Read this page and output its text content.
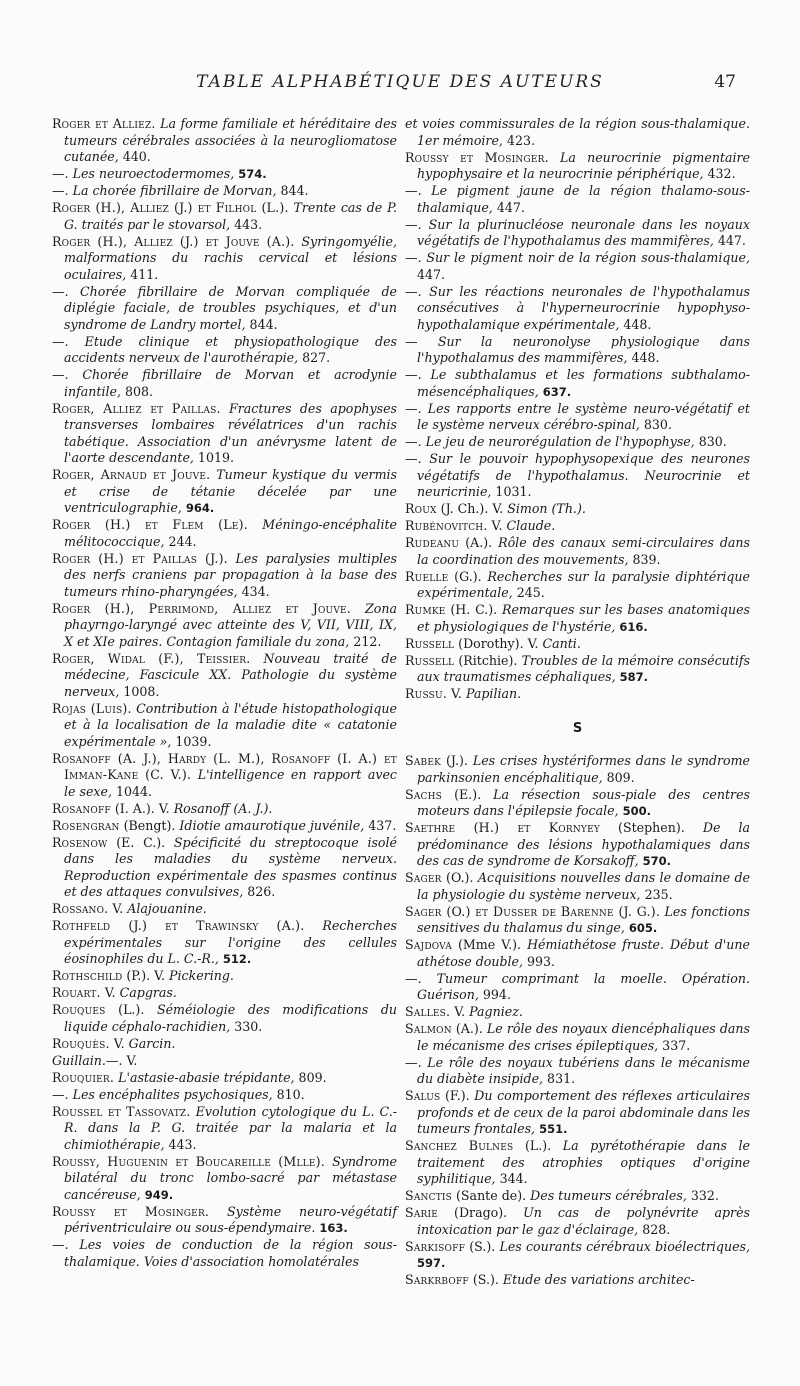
TABLE ALPHABÉTIQUE DES AUTEURS	47
Roger et Alliez. La forme familiale et héréditaire des tumeurs cérébrales associées à la neurogliomatose cutanée, 440.
—. Les neuroectodermomes, 574.
—. La chorée fibrillaire de Morvan, 844.
Roger (H.), Alliez (J.) et Filhol (L.). Trente cas de P. G. traités par le stovarsol, 443.
Roger (H.), Alliez (J.) et Jouve (A.). Syringomyélie, malformations du rachis cervical et lésions oculaires, 411.
—. Chorée fibrillaire de Morvan compliquée de diplégie faciale, de troubles psychiques, et d'un syndrome de Landry mortel, 844.
—. Etude clinique et physiopathologique des accidents nerveux de l'aurothérapie, 827.
—. Chorée fibrillaire de Morvan et acrodynie infantile, 808.
Roger, Alliez et Paillas. Fractures des apophyses transverses lombaires révélatrices d'un rachis tabétique. Association d'un anévrysme latent de l'aorte descendante, 1019.
Roger, Arnaud et Jouve. Tumeur kystique du vermis et crise de tétanie décelée par une ventriculographie, 964.
Roger (H.) et Flem (Le). Méningo-encéphalite mélitococcique, 244.
Roger (H.) et Paillas (J.). Les paralysies multiples des nerfs craniens par propagation à la base des tumeurs rhino-pharyngées, 434.
Roger (H.), Perrimond, Alliez et Jouve. Zona phayrngo-laryngé avec atteinte des V, VII, VIII, IX, X et XIe paires. Contagion familiale du zona, 212.
Roger, Widal (F.), Teissier. Nouveau traité de médecine, Fascicule XX. Pathologie du système nerveux, 1008.
Rojas (Luis). Contribution à l'étude histopathologique et à la localisation de la maladie dite « catatonie expérimentale », 1039.
Rosanoff (A. J.), Hardy (L. M.), Rosanoff (I. A.) et Imman-Kane (C. V.). L'intelligence en rapport avec le sexe, 1044.
Rosanoff (I. A.). V. Rosanoff (A. J.).
Rosengran (Bengt). Idiotie amaurotique juvénile, 437.
Rosenow (E. C.). Spécificité du streptocoque isolé dans les maladies du système nerveux. Reproduction expérimentale des spasmes continus et des attaques convulsives, 826.
Rossano. V. Alajouanine.
Rothfeld (J.) et Trawinsky (A.). Recherches expérimentales sur l'origine des cellules éosinophiles du L. C.-R., 512.
Rothschild (P.). V. Pickering.
Rouart. V. Capgras.
Rouques (L.). Séméiologie des modifications du liquide céphalo-rachidien, 330.
Rouquès. V. Garcin.
Guillain.—. V.
Rouquier. L'astasie-abasie trépidante, 809.
—. Les encéphalites psychosiques, 810.
Roussel et Tassovatz. Evolution cytologique du L. C.-R. dans la P. G. traitée par la malaria et la chimiothérapie, 443.
Roussy, Huguenin et Boucareille (Mlle). Syndrome bilatéral du tronc lombo-sacré par métastase cancéreuse, 949.
Roussy et Mosinger. Système neuro-végétatif périventriculaire ou sous-épendymaire. 163.
—. Les voies de conduction de la région sous-thalamique. Voies d'association homolatérales
et voies commissurales de la région sous-thalamique. 1er mémoire, 423.
Roussy et Mosinger. La neurocrinie pigmentaire hypophysaire et la neurocrinie périphérique, 432.
—. Le pigment jaune de la région thalamo-sous-thalamique, 447.
—. Sur la plurinucléose neuronale dans les noyaux végétatifs de l'hypothalamus des mammifères, 447.
—. Sur le pigment noir de la région sous-thalamique, 447.
—. Sur les réactions neuronales de l'hypothalamus consécutives à l'hyperneurocrinie hypophyso-hypothalamique expérimentale, 448.
— Sur la neuronolyse physiologique dans l'hypothalamus des mammifères, 448.
—. Le subthalamus et les formations subthalamo-mésencéphaliques, 637.
—. Les rapports entre le système neuro-végétatif et le système nerveux cérébro-spinal, 830.
—. Le jeu de neurorégulation de l'hypophyse, 830.
—. Sur le pouvoir hypophysopexique des neurones végétatifs de l'hypothalamus. Neurocrinie et neuricrinie, 1031.
Roux (J. Ch.). V. Simon (Th.).
Rubénovitch. V. Claude.
Rudeanu (A.). Rôle des canaux semi-circulaires dans la coordination des mouvements, 839.
Ruelle (G.). Recherches sur la paralysie diphtérique expérimentale, 245.
Rumke (H. C.). Remarques sur les bases anatomiques et physiologiques de l'hystérie, 616.
Russell (Dorothy). V. Canti.
Russell (Ritchie). Troubles de la mémoire consécutifs aux traumatismes céphaliques, 587.
Russu. V. Papilian.
S
Sabek (J.). Les crises hystériformes dans le syndrome parkinsonien encéphalitique, 809.
Sachs (E.). La résection sous-piale des centres moteurs dans l'épilepsie focale, 500.
Saethre (H.) et Kornyey (Stephen). De la prédominance des lésions hypothalamiques dans des cas de syndrome de Korsakoff, 570.
Sager (O.). Acquisitions nouvelles dans le domaine de la physiologie du système nerveux, 235.
Sager (O.) et Dusser de Barenne (J. G.). Les fonctions sensitives du thalamus du singe, 605.
Sajdova (Mme V.). Hémiathétose fruste. Début d'une athétose double, 993.
—. Tumeur comprimant la moelle. Opération. Guérison, 994.
Salles. V. Pagniez.
Salmon (A.). Le rôle des noyaux diencéphaliques dans le mécanisme des crises épileptiques, 337.
—. Le rôle des noyaux tubériens dans le mécanisme du diabète insipide, 831.
Salus (F.). Du comportement des réflexes articulaires profonds et de ceux de la paroi abdominale dans les tumeurs frontales, 551.
Sanchez Bulnes (L.). La pyrétothérapie dans le traitement des atrophies optiques d'origine syphilitique, 344.
Sanctis (Sante de). Des tumeurs cérébrales, 332.
Sarie (Drago). Un cas de polynévrite après intoxication par le gaz d'éclairage, 828.
Sarkisoff (S.). Les courants cérébraux bioélectriques, 597.
Sarkrboff (S.). Etude des variations architec-
